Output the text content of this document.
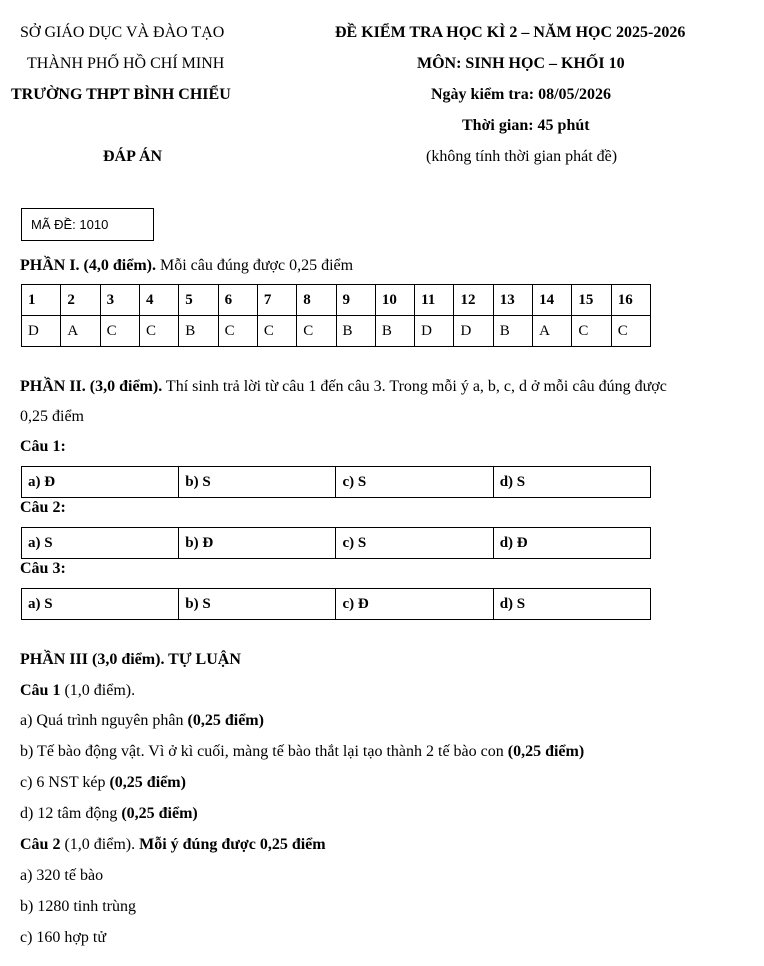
SỞ GIÁO DỤC VÀ ĐÀO TẠO
THÀNH PHỐ HỒ CHÍ MINH
TRƯỜNG THPT BÌNH CHIỂU
ĐÁP ÁN
ĐỀ KIỂM TRA HỌC KÌ 2 – NĂM HỌC 2025-2026
MÔN: SINH HỌC – KHỐI 10
Ngày kiểm tra: 08/05/2026
Thời gian: 45 phút
(không tính thời gian phát đề)
MÃ ĐỀ: 1010
PHẦN I. (4,0 điểm). Mỗi câu đúng được 0,25 điểm
1	2	3	4	5	6	7	8	9	10	11	12	13	14	15	16
D	A	C	C	B	C	C	C	B	B	D	D	B	A	C	C
PHẦN II. (3,0 điểm). Thí sinh trả lời từ câu 1 đến câu 3. Trong mỗi ý a, b, c, d ở mỗi câu đúng được
0,25 điểm
Câu 1:
a) Đ	b) S	c) S	d) S
Câu 2:
a) S	b) Đ	c) S	d) Đ
Câu 3:
a) S	b) S	c) Đ	d) S
PHẦN III (3,0 điểm). TỰ LUẬN
Câu 1 (1,0 điểm).
a) Quá trình nguyên phân (0,25 điểm)
b) Tế bào động vật. Vì ở kì cuối, màng tế bào thắt lại tạo thành 2 tế bào con (0,25 điểm)
c) 6 NST kép (0,25 điểm)
d) 12 tâm động (0,25 điểm)
Câu 2 (1,0 điểm). Mỗi ý đúng được 0,25 điểm
a) 320 tế bào
b) 1280 tinh trùng
c) 160 hợp tử
